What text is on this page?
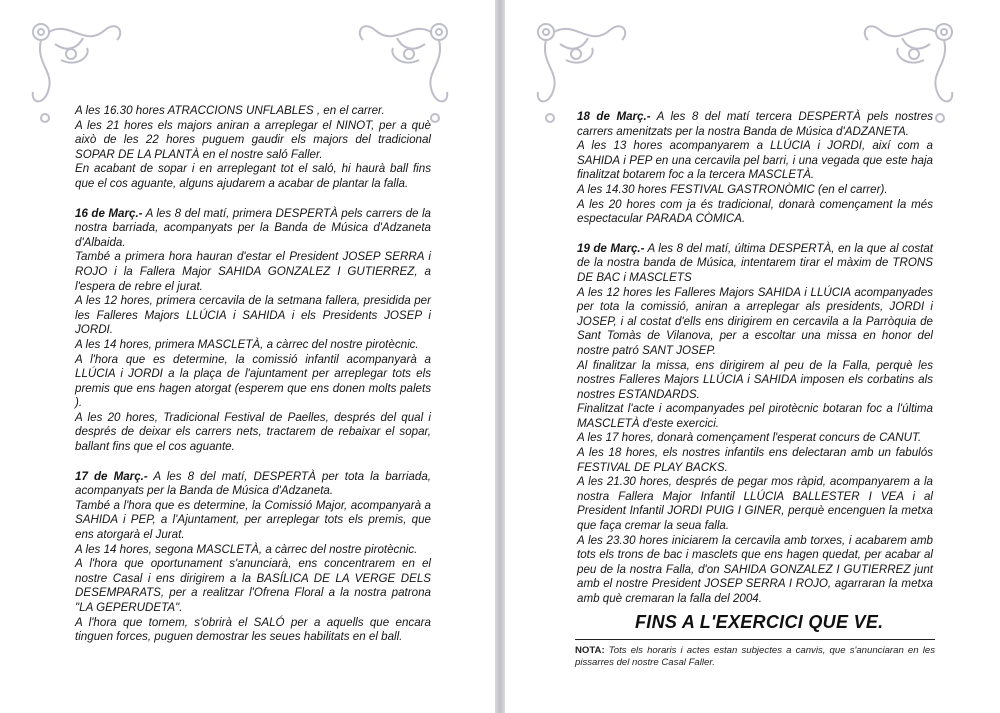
A les 16.30 hores ATRACCIONS UNFLABLES , en el carrer.

A les 21 hores els majors aniran a arreplegar el NINOT, per a què això de les 22 hores puguem gaudir els majors del tradicional SOPAR DE LA PLANTÀ en el nostre saló Faller.

En acabant de sopar i en arreplegant tot el saló, hi haurà ball fins que el cos aguante, alguns ajudarem a acabar de plantar la falla.

16 de Març.- A les 8 del matí, primera DESPERTÀ pels carrers de la nostra barriada, acompanyats per la Banda de Música d'Adzaneta d'Albaida.

També a primera hora hauran d'estar el President JOSEP SERRA i ROJO i la Fallera Major SAHIDA GONZALEZ I GUTIERREZ, a l'espera de rebre el jurat.

A les 12 hores, primera cercavila de la setmana fallera, presidida per les Falleres Majors LLÚCIA i SAHIDA i els Presidents JOSEP i JORDI.

A les 14 hores, primera MASCLETÀ, a càrrec del nostre pirotècnic.

A l'hora que es determine, la comissió infantil acompanyarà a LLÚCIA i JORDI a la plaça de l'ajuntament per arreplegar tots els premis que ens hagen atorgat (esperem que ens donen molts palets ).

A les 20 hores, Tradicional Festival de Paelles, després del qual i després de deixar els carrers nets, tractarem de rebaixar el sopar, ballant fins que el cos aguante.

17 de Març.- A les 8 del matí, DESPERTÀ per tota la barriada, acompanyats per la Banda de Música d'Adzaneta.

També a l'hora que es determine, la Comissió Major, acompanyarà a SAHIDA i PEP, a l'Ajuntament, per arreplegar tots els premis, que ens atorgarà el Jurat.

A les 14 hores, segona MASCLETÀ, a càrrec del nostre pirotècnic.

A l'hora que oportunament s'anunciarà, ens concentrarem en el nostre Casal i ens dirigirem a la BASÍLICA DE LA VERGE DELS DESEMPARATS, per a realitzar l'Ofrena Floral a la nostra patrona "LA GEPERUDETA".

A l'hora que tornem, s'obrirà el SALÓ per a aquells que encara tinguen forces, puguen demostrar les seues habilitats en el ball.

18 de Març.- A les 8 del matí tercera DESPERTÀ pels nostres carrers amenitzats per la nostra Banda de Música d'ADZANETA.

A les 13 hores acompanyarem a LLÚCIA i JORDI, així com a SAHIDA i PEP en una cercavila pel barri, i una vegada que este haja finalitzat botarem foc a la tercera MASCLETÀ.

A les 14.30 hores FESTIVAL GASTRONÒMIC (en el carrer).

A les 20 hores com ja és tradicional, donarà començament la més espectacular PARADA CÒMICA.

19 de Març.- A les 8 del matí, última DESPERTÀ, en la que al costat de la nostra banda de Música, intentarem tirar el màxim de TRONS DE BAC i MASCLETS

A les 12 hores les Falleres Majors SAHIDA i LLÚCIA acompanyades per tota la comissió, aniran a arreplegar als presidents, JORDI i JOSEP, i al costat d'ells ens dirigirem en cercavila a la Parròquia de Sant Tomàs de Vilanova, per a escoltar una missa en honor del nostre patró SANT JOSEP.

Al finalitzar la missa, ens dirigirem al peu de la Falla, perquè les nostres Falleres Majors LLÚCIA i SAHIDA imposen els corbatins als nostres ESTANDARDS.

Finalitzat l'acte i acompanyades pel pirotècnic botaran foc a l'última MASCLETÀ d'este exercici.

A les 17 hores, donarà començament l'esperat concurs de CANUT.

A les 18 hores, els nostres infantils ens delectaran amb un fabulós FESTIVAL DE PLAY BACKS.

A les 21.30 hores, després de pegar mos ràpid, acompanyarem a la nostra Fallera Major Infantil LLÚCIA BALLESTER I VEA i al President Infantil JORDI PUIG I GINER, perquè encenguen la metxa que faça cremar la seua falla.

A les 23.30 hores iniciarem la cercavila amb torxes, i acabarem amb tots els trons de bac i masclets que ens hagen quedat, per acabar al peu de la nostra Falla, d'on SAHIDA GONZALEZ I GUTIERREZ junt amb el nostre President JOSEP SERRA I ROJO, agarraran la metxa amb què cremaran la falla del 2004.

FINS A L'EXERCICI QUE VE.
NOTA: Tots els horaris i actes estan subjectes a canvis, que s'anunciaran en les pissarres del nostre Casal Faller.
